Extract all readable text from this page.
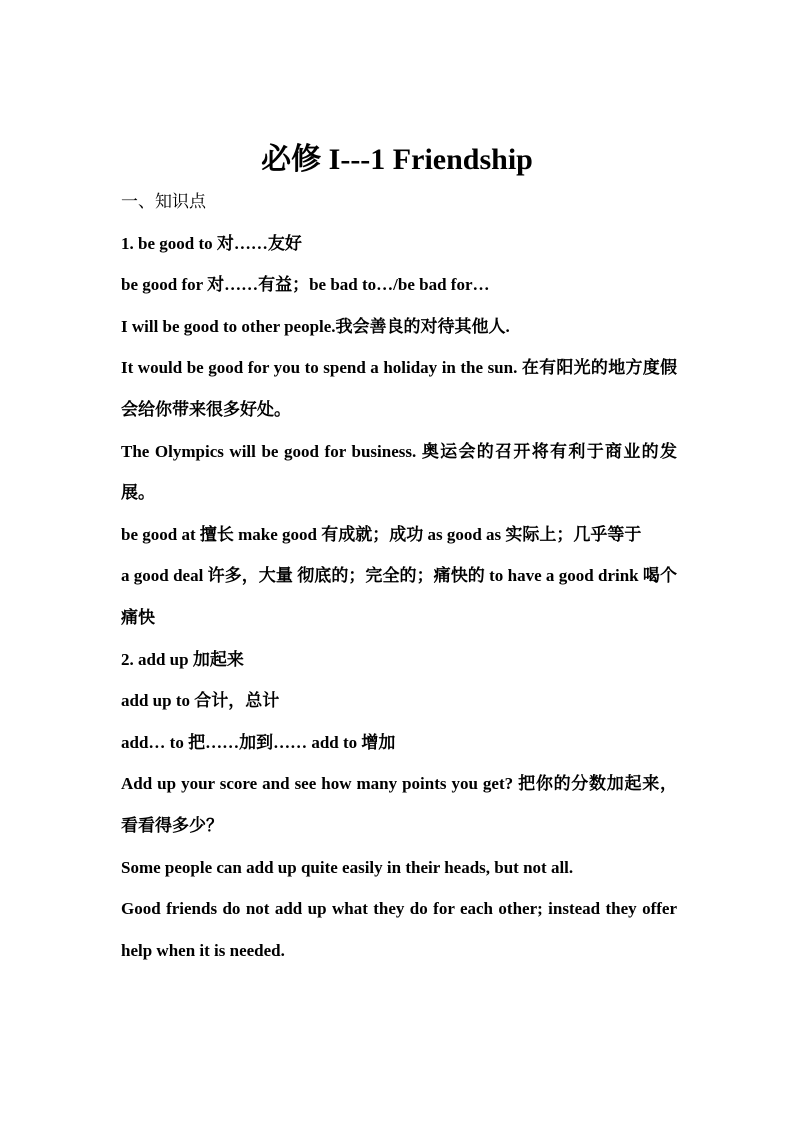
必修 I---1 Friendship

一、知识点

1. be good to 对……友好

be good for 对……有益；be bad to…/be bad for…

I will be good to other people.我会善良的对待其他人.

It would be good for you to spend a holiday in the sun. 在有阳光的地方度假会给你带来很多好处。

The Olympics will be good for business. 奥运会的召开将有利于商业的发展。

be good at 擅长 make good 有成就；成功 as good as 实际上；几乎等于

a good deal 许多，大量 彻底的；完全的；痛快的 to have a good drink 喝个痛快

2. add up 加起来

add up to 合计，总计

add… to 把……加到…… add to 增加

Add up your score and see how many points you get? 把你的分数加起来，看看得多少？

Some people can add up quite easily in their heads, but not all.

Good friends do not add up what they do for each other; instead they offer help when it is needed.
